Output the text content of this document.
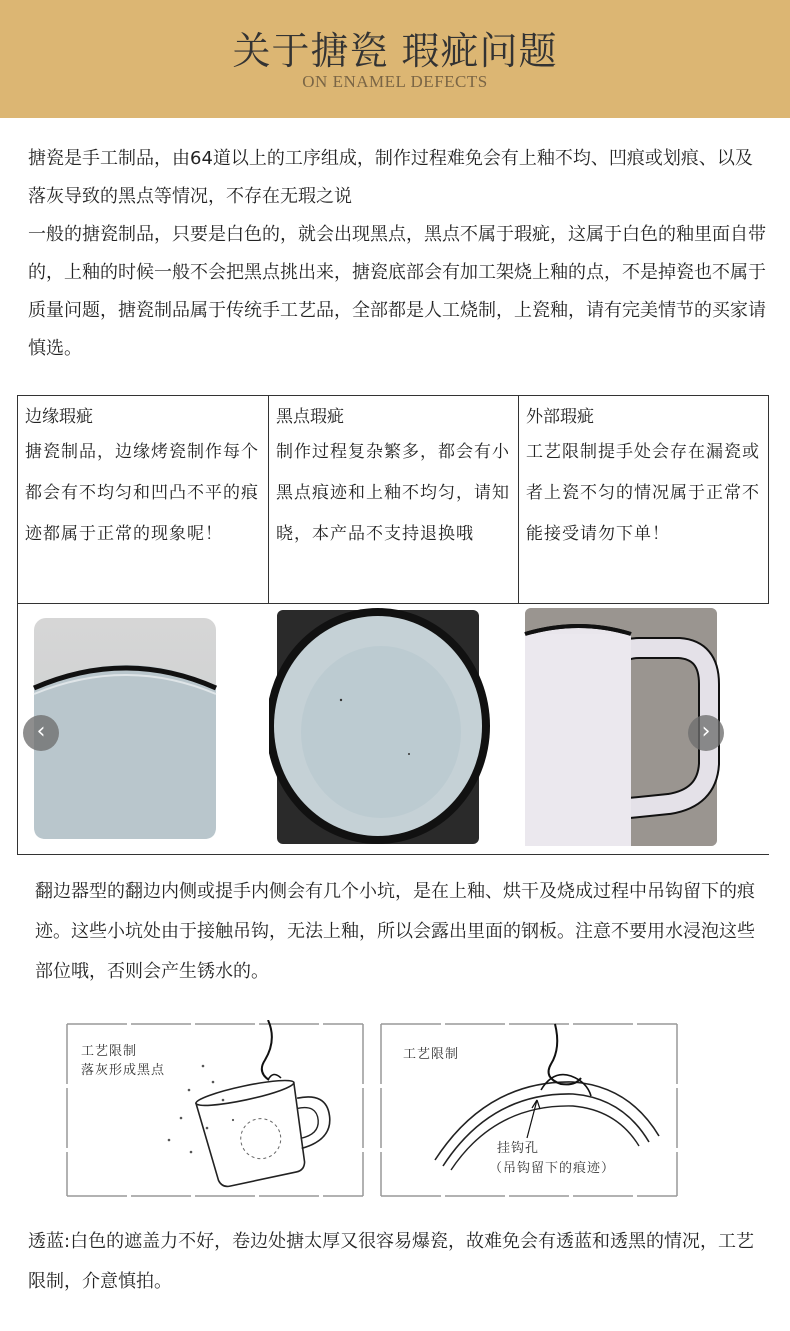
关于搪瓷 瑕疵问题
ON ENAMEL DEFECTS

搪瓷是手工制品，由64道以上的工序组成，制作过程难免会有上釉不均、凹痕或划痕、以及落灰导致的黑点等情况，不存在无瑕之说

一般的搪瓷制品，只要是白色的，就会出现黑点，黑点不属于瑕疵，这属于白色的釉里面自带的，上釉的时候一般不会把黑点挑出来，搪瓷底部会有加工架烧上釉的点，不是掉瓷也不属于质量问题，搪瓷制品属于传统手工艺品，全部都是人工烧制，上瓷釉，请有完美情节的买家请慎选。

边缘瑕疵
搪瓷制品，边缘烤瓷制作每个都会有不均匀和凹凸不平的痕迹都属于正常的现象呢！
黑点瑕疵
制作过程复杂繁多，都会有小黑点痕迹和上釉不均匀，请知晓，本产品不支持退换哦
外部瑕疵
工艺限制提手处会存在漏瓷或者上瓷不匀的情况属于正常不能接受请勿下单！
‹	›
翻边器型的翻边内侧或提手内侧会有几个小坑，是在上釉、烘干及烧成过程中吊钩留下的痕迹。这些小坑处由于接触吊钩，无法上釉，所以会露出里面的钢板。注意不要用水浸泡这些部位哦，否则会产生锈水的。
工艺限制
落灰形成黑点
工艺限制
挂钩孔
（吊钩留下的痕迹）
透蓝:白色的遮盖力不好，卷边处搪太厚又很容易爆瓷，故难免会有透蓝和透黑的情况，工艺限制，介意慎拍。
